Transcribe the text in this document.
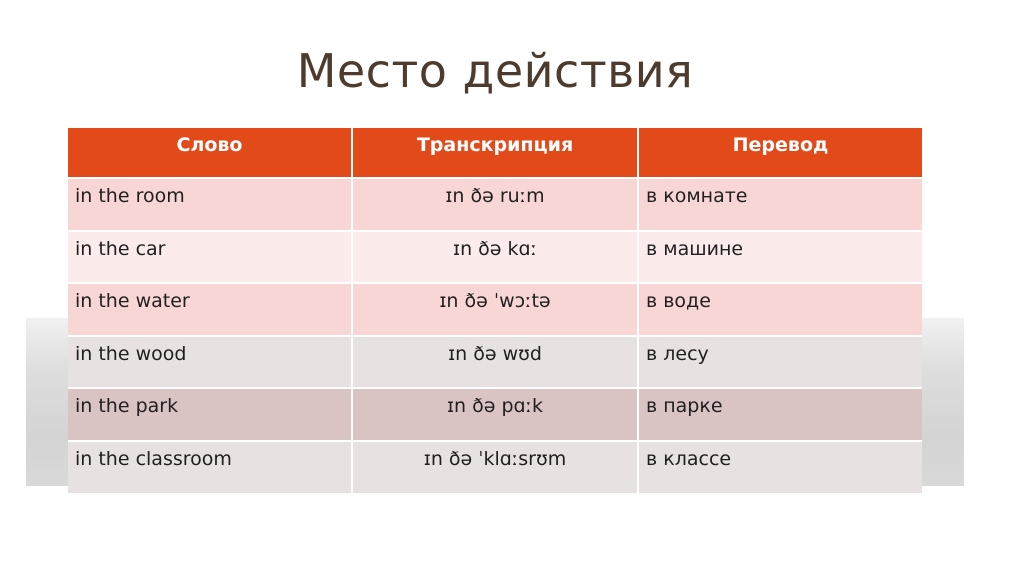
Место действия
Слово	Транскрипция	Перевод
in the room	ɪn ðə ruːm	в комнате
in the car	ɪn ðə kɑː	в машине
in the water	ɪn ðə ˈwɔːtə	в воде
in the wood	ɪn ðə wʊd	в лесу
in the park	ɪn ðə pɑːk	в парке
in the classroom	ɪn ðə ˈklɑːsrʊm	в классе
